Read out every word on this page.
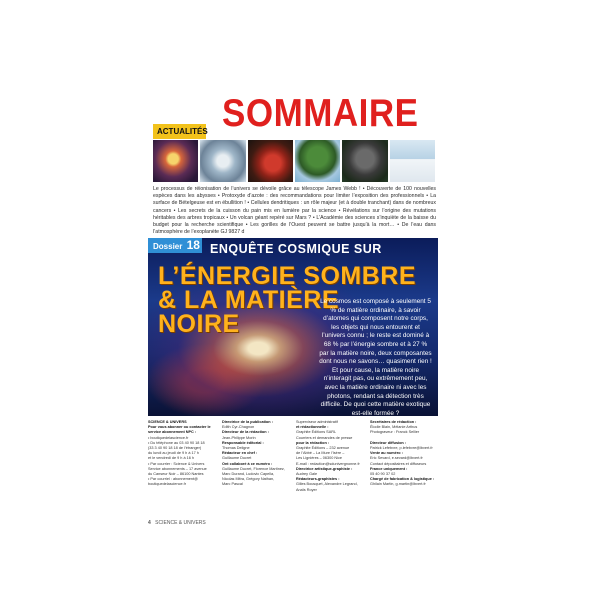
SOMMAIRE
ACTUALITÉS
Le processus de réionisation de l’univers se dévoile grâce au télescope James Webb ! • Découverte de 100 nouvelles espèces dans les abysses • Protoxyde d’azote : des recommandations pour limiter l’exposition des professionnels • La surface de Bételgeuse est en ébullition ! • Cellules dendritiques : un rôle majeur (et à double tranchant) dans de nombreux cancers • Les secrets de la cuisson du pain mis en lumière par la science • Révélations sur l’origine des mutations héritables des arbres tropicaux • Un volcan géant repéré sur Mars ? • L’Académie des sciences s’inquiète de la baisse du budget pour la recherche scientifique • Les gorilles de l’Ouest peuvent se battre jusqu’à la mort… • De l’eau dans l’atmosphère de l’exoplanète GJ 9827 d
Dossier 18 ENQUÊTE COSMIQUE SUR
L’ÉNERGIE SOMBRE
& LA MATIÈRE
NOIRE
Le cosmos est composé à seulement 5 % de matière ordinaire, à savoir d’atomes qui composent notre corps, les objets qui nous entourent et l’univers connu ; le reste est dominé à 68 % par l’énergie sombre et à 27 % par la matière noire, deux composantes dont nous ne savons… quasiment rien ! Et pour cause, la matière noire n’interagit pas, ou extrêmement peu, avec la matière ordinaire ni avec les photons, rendant sa détection très difficile. De quoi cette matière exotique est-elle formée ?
SCIENCE & UNIVERS
Pour vous abonner ou contacter le service abonnement NPC :
• boutiquedelascience.fr
• Du téléphone au 03 40 90 18 18
(33 3 40 90 18 18 de l’étranger)
du lundi au jeudi de 9 h à 17 h
et le vendredi de 9 h à 16 h
• Par courrier : Science & Univers
Service abonnements – 17 avenue
du Canseur Noir – 86100 Nantes
• Par courriel : abonnement@
boutiquedelascience.fr
Directrice de la publication :
Edith Cyr-Chagnon
Directeur de la rédaction :
Jean-Philippe Morin
Responsable éditorial :
Thomas Deligne
Rédacteur en chef :
Guillaume Ducret
Ont collaboré à ce numéro :
Guillaume Ducret, Florence Martinez,
Marc Durand, Ludovic Capella,
Nicolas Mitra, Grégory Nathan,
Marc Pascal
Superviseur administratif
et rédactionnelle :
Graphite Éditions SARL
Courriers et demandes de presse
pour la rédaction :
Graphite Éditions – 232 avenue
de l’Abbé – La Mure l’Isère –
Les Lignières – 06300 Nice
E-mail : redaction@sdunivergnonne.fr
Directrice artistique-graphiste :
Audrey Gale
Rédacteurs-graphistes :
Gilles Bousquet, Alexandre Legrand,
Anaïs Royer
Secrétaires de rédaction :
Élodie Blain, Mélanie Arthus
Photograveur : Franck Sellier

Directeur diffusion :
Patrick Lefebvre, p.lefebvre@lbvert.fr
Vente au numéro :
Eric Sevard, e.sevard@lbvert.fr
Contact dépositaires et diffuseurs
France uniquement :
05 40 90 37 02
Chargé de fabrication & logistique :
Ghilain Martin, g.martin@lbvert.fr
4 SCIENCE & UNIVERS
